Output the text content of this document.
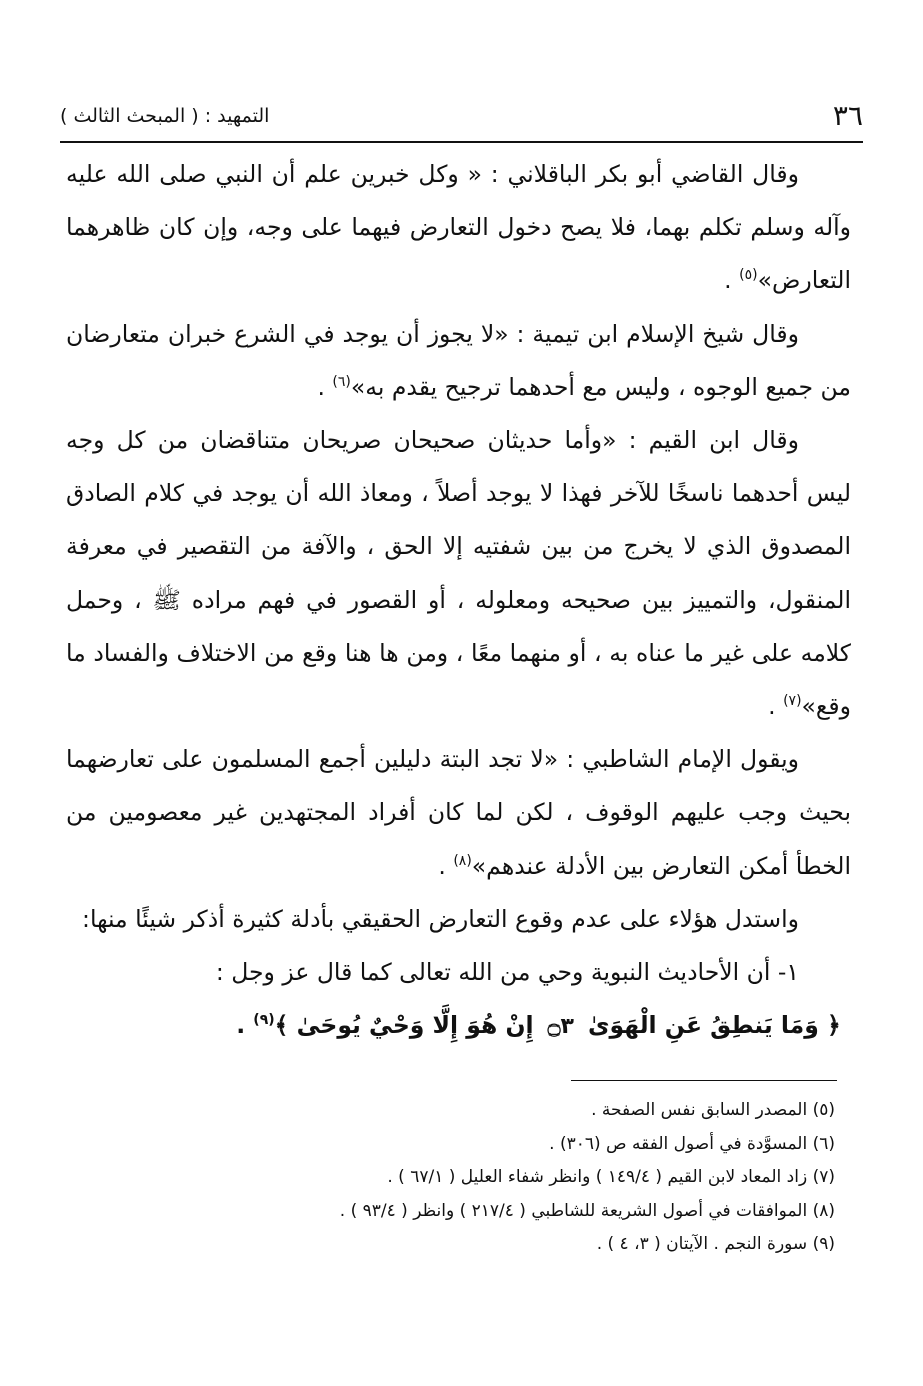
٣٦
التمهيد : ( المبحث الثالث )

وقال القاضي أبو بكر الباقلاني : « وكل خبرين علم أن النبي صلى الله عليه وآله وسلم تكلم بهما، فلا يصح دخول التعارض فيهما على وجه، وإن كان ظاهرهما التعارض»$^{(٥)}$ .

وقال شيخ الإسلام ابن تيمية : «لا يجوز أن يوجد في الشرع خبران متعارضان من جميع الوجوه ، وليس مع أحدهما ترجيح يقدم به»$^{(٦)}$ .

وقال ابن القيم : «وأما حديثان صحيحان صريحان متناقضان من كل وجه ليس أحدهما ناسخًا للآخر فهذا لا يوجد أصلاً ، ومعاذ الله أن يوجد في كلام الصادق المصدوق الذي لا يخرج من بين شفتيه إلا الحق ، والآفة من التقصير في معرفة المنقول، والتمييز بين صحيحه ومعلوله ، أو القصور في فهم مراده ﷺ ، وحمل كلامه على غير ما عناه به ، أو منهما معًا ، ومن ها هنا وقع من الاختلاف والفساد ما وقع»$^{(٧)}$ .

ويقول الإمام الشاطبي : «لا تجد البتة دليلين أجمع المسلمون على تعارضهما بحيث وجب عليهم الوقوف ، لكن لما كان أفراد المجتهدين غير معصومين من الخطأ أمكن التعارض بين الأدلة عندهم»$^{(٨)}$ .

واستدل هؤلاء على عدم وقوع التعارض الحقيقي بأدلة كثيرة أذكر شيئًا منها:

١- أن الأحاديث النبوية وحي من الله تعالى كما قال عز وجل :

﴿ وَمَا يَنطِقُ عَنِ الْهَوَىٰ۝٣إِنْ هُوَ إِلَّا وَحْيٌ يُوحَىٰ ﴾$^{(٩)}$ .

(٥) المصدر السابق نفس الصفحة .
(٦) المسوَّدة في أصول الفقه ص (٣٠٦) .
(٧) زاد المعاد لابن القيم ( ١٤٩/٤ ) وانظر شفاء العليل ( ٦٧/١ ) .
(٨) الموافقات في أصول الشريعة للشاطبي ( ٢١٧/٤ ) وانظر ( ٩٣/٤ ) .
(٩) سورة النجم . الآيتان ( ٣، ٤ ) .
